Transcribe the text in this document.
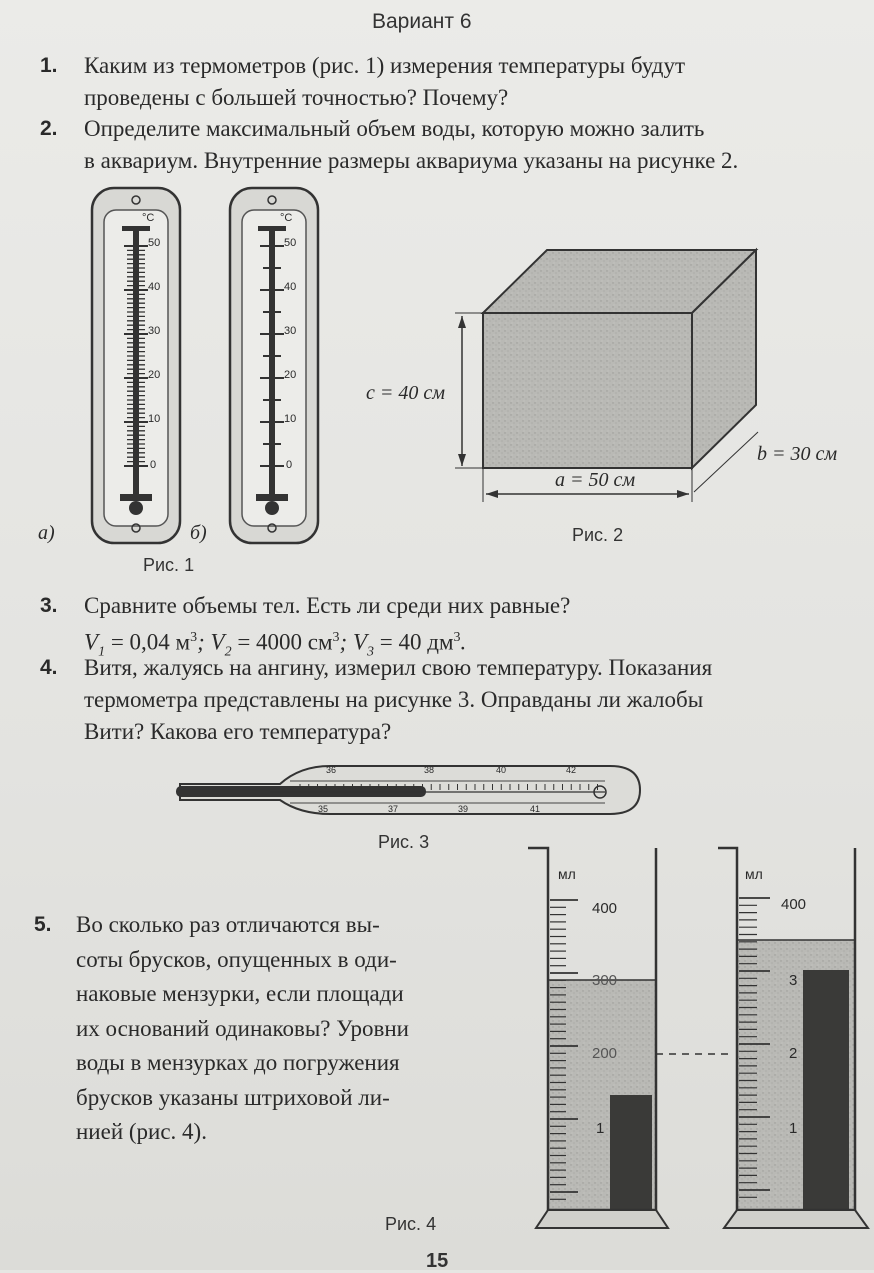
Вариант 6
1. Каким из термометров (рис. 1) измерения температуры будут
проведены с большей точностью? Почему?
2. Определите максимальный объем воды, которую можно залить
в аквариум. Внутренние размеры аквариума указаны на рисунке 2.
°C	°C
50
40
30
20
10
0
50
40
30
20
10
0
а)	б)
Рис. 1
c = 40 см
a = 50 см
b = 30 см
Рис. 2
3. Сравните объемы тел. Есть ли среди них равные?
$V_1 = 0,04$ $м^3$; $V_2 = 4000$ $см^3$; $V_3 = 40$ $дм^3$.
4. Витя, жалуясь на ангину, измерил свою температуру. Показания
термометра представлены на рисунке 3. Оправданы ли жалобы
Вити? Какова его температура?
36	38	40	42
35	37	39	41
Рис. 3
5. Во сколько раз отличаются вы-
соты брусков, опущенных в оди-
наковые мензурки, если площади
их оснований одинаковы? Уровни
воды в мензурках до погружения
брусков указаны штриховой ли-
нией (рис. 4).
мл	мл
400
300
200
1
400
3
2
1
Рис. 4
15
